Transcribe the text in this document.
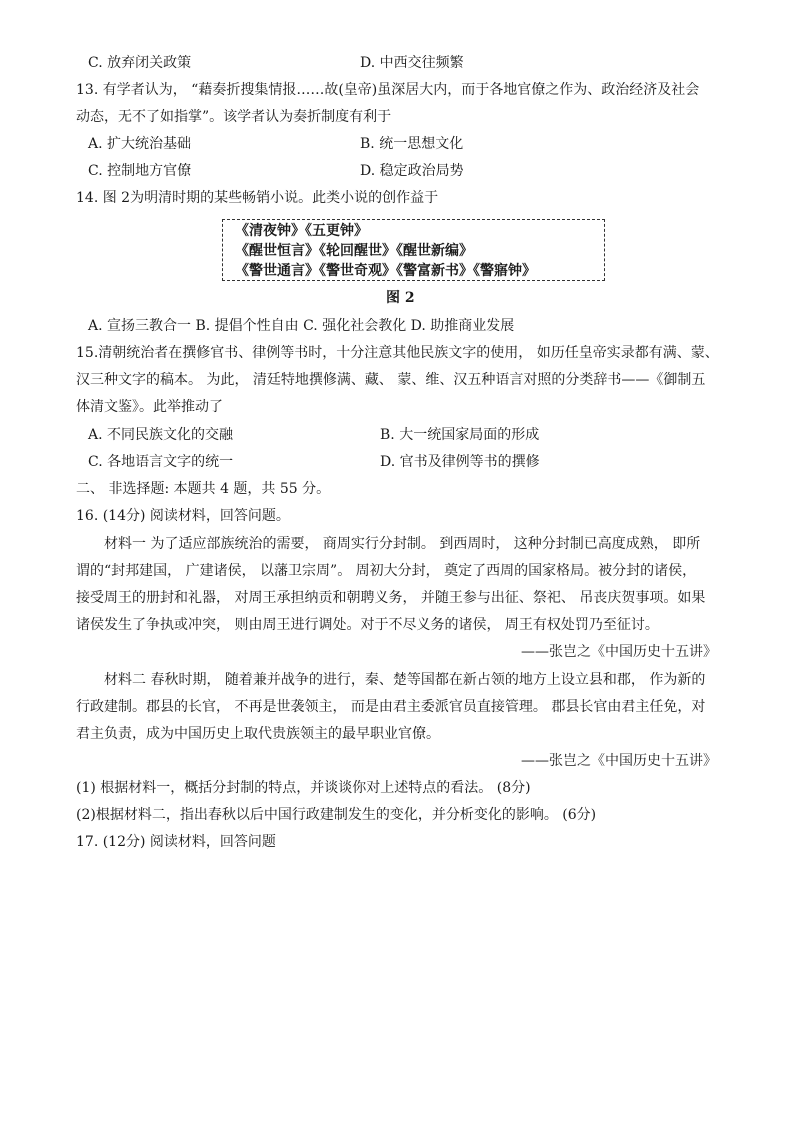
C. 放弃闭关政策	D. 中西交往频繁
13. 有学者认为， “藉奏折搜集情报……故(皇帝)虽深居大内，而于各地官僚之作为、政治经济及社会
动态，无不了如指掌”。该学者认为奏折制度有利于
A. 扩大统治基础	B. 统一思想文化
C. 控制地方官僚	D. 稳定政治局势
14. 图 2为明清时期的某些畅销小说。此类小说的创作益于
《清夜钟》《五更钟》
《醒世恒言》《轮回醒世》《醒世新编》
《警世通言》《警世奇观》《警富新书》《警寤钟》
图 2
A. 宣扬三教合一 B. 提倡个性自由 C. 强化社会教化 D. 助推商业发展
15.清朝统治者在撰修官书、律例等书时，十分注意其他民族文字的使用， 如历任皇帝实录都有满、蒙、
汉三种文字的稿本。 为此， 清廷特地撰修满、藏、 蒙、维、汉五种语言对照的分类辞书——《御制五
体清文鉴》。此举推动了
A. 不同民族文化的交融	B. 大一统国家局面的形成
C. 各地语言文字的统一	D. 官书及律例等书的撰修
二、 非选择题: 本题共 4 题，共 55 分。
16. (14分) 阅读材料，回答问题。
材料一 为了适应部族统治的需要， 商周实行分封制。 到西周时， 这种分封制已高度成熟， 即所
谓的“封邦建国， 广建诸侯， 以藩卫宗周”。 周初大分封， 奠定了西周的国家格局。被分封的诸侯，
接受周王的册封和礼器， 对周王承担纳贡和朝聘义务， 并随王参与出征、祭祀、 吊丧庆贺事项。如果
诸侯发生了争执或冲突， 则由周王进行调处。对于不尽义务的诸侯， 周王有权处罚乃至征讨。
——张岂之《中国历史十五讲》
材料二 春秋时期， 随着兼并战争的进行，秦、楚等国都在新占领的地方上设立县和郡， 作为新的
行政建制。郡县的长官， 不再是世袭领主， 而是由君主委派官员直接管理。 郡县长官由君主任免，对
君主负责，成为中国历史上取代贵族领主的最早职业官僚。
——张岂之《中国历史十五讲》
(1) 根据材料一，概括分封制的特点，并谈谈你对上述特点的看法。 (8分)
(2)根据材料二，指出春秋以后中国行政建制发生的变化，并分析变化的影响。 (6分)
17. (12分) 阅读材料，回答问题
